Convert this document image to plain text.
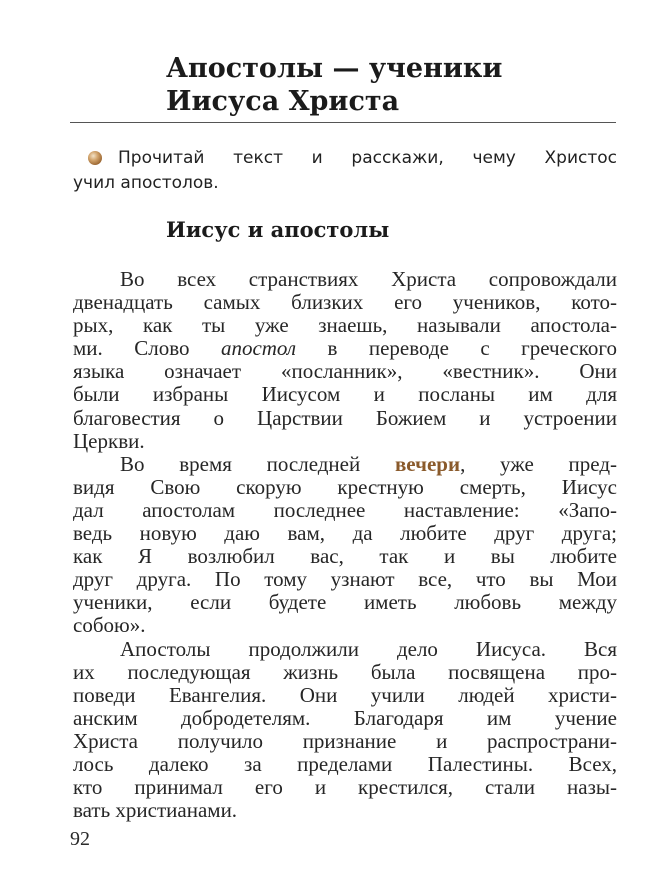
Апостолы — ученики
Иисуса Христа
Прочитай текст и расскажи, чему Христос
учил апостолов.
Иисус и апостолы
Во всех странствиях Христа сопровождали
двенадцать самых близких его учеников, кото-
рых, как ты уже знаешь, называли апостола-
ми. Слово апостол в переводе с греческого
языка означает «посланник», «вестник». Они
были избраны Иисусом и посланы им для
благовестия о Царствии Божием и устроении
Церкви.
Во время последней вечери, уже пред-
видя Свою скорую крестную смерть, Иисус
дал апостолам последнее наставление: «Запо-
ведь новую даю вам, да любите друг друга;
как Я возлюбил вас, так и вы любите
друг друга. По тому узнают все, что вы Мои
ученики, если будете иметь любовь между
собою».
Апостолы продолжили дело Иисуса. Вся
их последующая жизнь была посвящена про-
поведи Евангелия. Они учили людей христи-
анским добродетелям. Благодаря им учение
Христа получило признание и распространи-
лось далеко за пределами Палестины. Всех,
кто принимал его и крестился, стали назы-
вать христианами.
92
